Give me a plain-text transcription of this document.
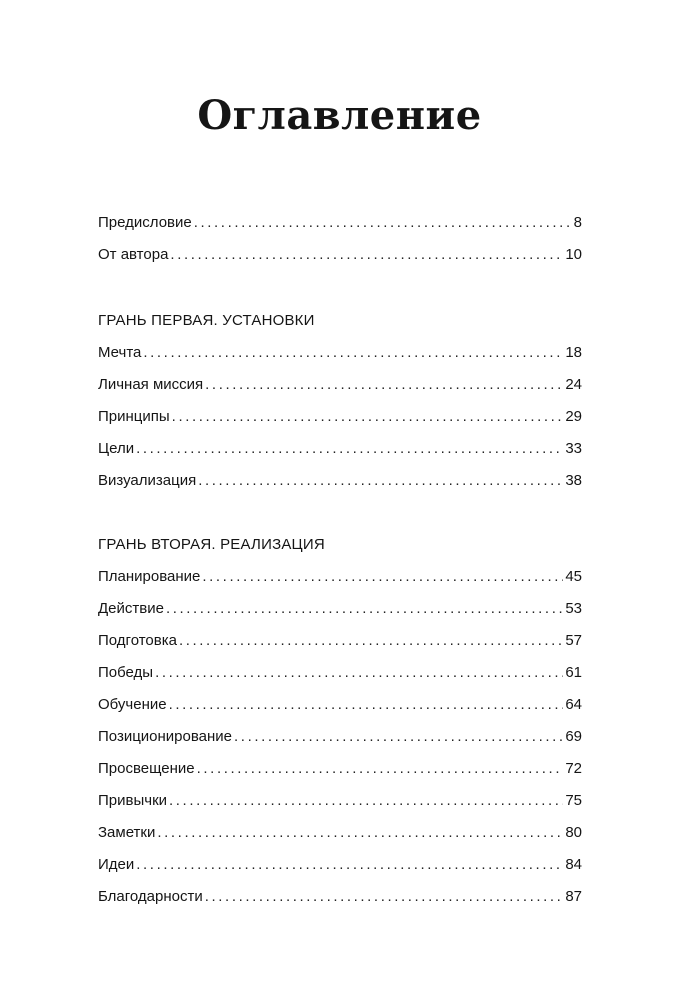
Оглавление
Предисловие .....	8
От автора .....	10
ГРАНЬ ПЕРВАЯ. УСТАНОВКИ
Мечта .....	18
Личная миссия .....	24
Принципы .....	29
Цели .....	33
Визуализация .....	38
ГРАНЬ ВТОРАЯ. РЕАЛИЗАЦИЯ
Планирование .....	45
Действие .....	53
Подготовка .....	57
Победы .....	61
Обучение .....	64
Позиционирование .....	69
Просвещение .....	72
Привычки .....	75
Заметки .....	80
Идеи .....	84
Благодарности .....	87
